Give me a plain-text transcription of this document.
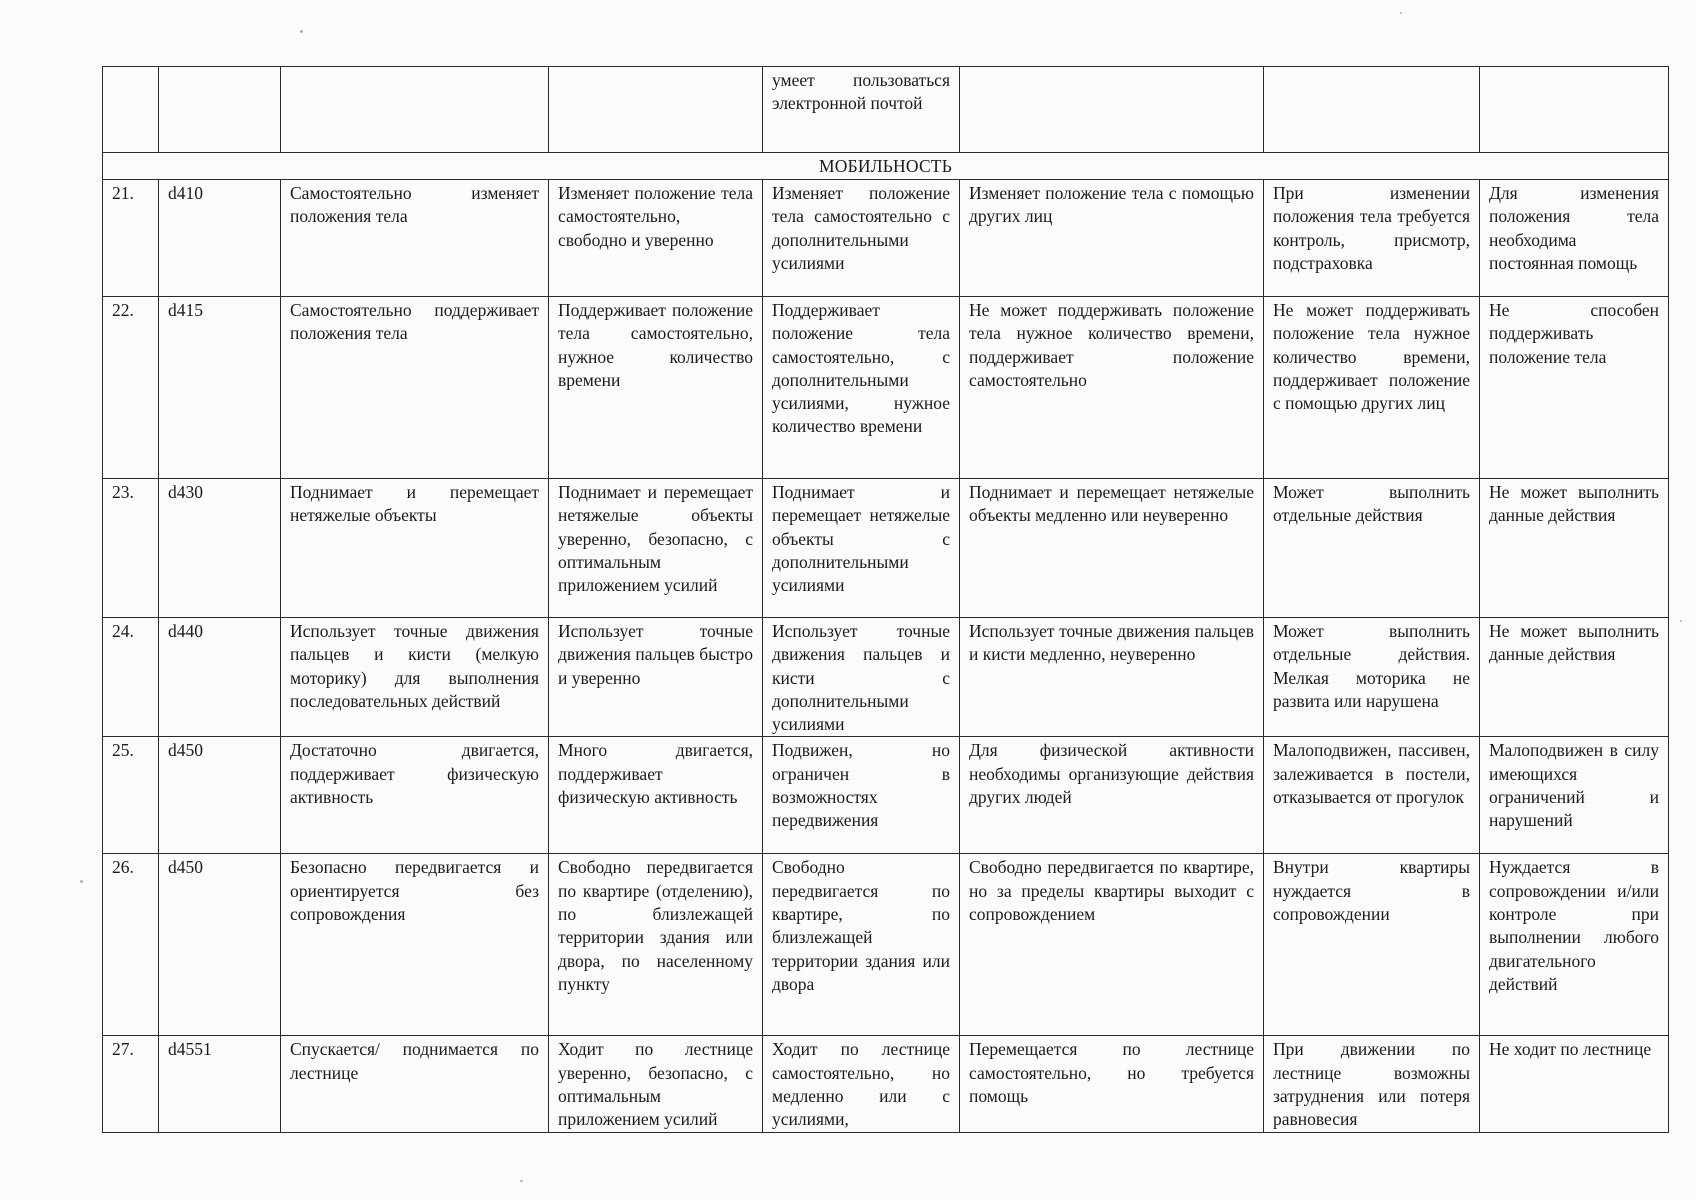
				умеет пользоваться электронной почтой			
МОБИЛЬНОСТЬ							
21.	d410	Самостоятельно изменяет положения тела	Изменяет положение тела самостоятельно, свободно и уверенно	Изменяет положение тела самостоятельно с дополнительными усилиями	Изменяет положение тела с помощью других лиц	При изменении положения тела требуется контроль, присмотр, подстраховка	Для изменения положения тела необходима постоянная помощь
22.	d415	Самостоятельно поддерживает положения тела	Поддерживает положение тела самостоятельно, нужное количество времени	Поддерживает положение тела самостоятельно, с дополнительными усилиями, нужное количество времени	Не может поддерживать положение тела нужное количество времени, поддерживает положение самостоятельно	Не может поддерживать положение тела нужное количество времени, поддерживает положение с помощью других лиц	Не способен поддерживать положение тела
23.	d430	Поднимает и перемещает нетяжелые объекты	Поднимает и перемещает нетяжелые объекты уверенно, безопасно, с оптимальным приложением усилий	Поднимает и перемещает нетяжелые объекты с дополнительными усилиями	Поднимает и перемещает нетяжелые объекты медленно или неуверенно	Может выполнить отдельные действия	Не может выполнить данные действия
24.	d440	Использует точные движения пальцев и кисти (мелкую моторику) для выполнения последовательных действий	Использует точные движения пальцев быстро и уверенно	Использует точные движения пальцев и кисти с дополнительными усилиями	Использует точные движения пальцев и кисти медленно, неуверенно	Может выполнить отдельные действия. Мелкая моторика не развита или нарушена	Не может выполнить данные действия
25.	d450	Достаточно двигается, поддерживает физическую активность	Много двигается, поддерживает физическую активность	Подвижен, но ограничен в возможностях передвижения	Для физической активности необходимы организующие действия других людей	Малоподвижен, пассивен, залеживается в постели, отказывается от прогулок	Малоподвижен в силу имеющихся ограничений и нарушений
26.	d450	Безопасно передвигается и ориентируется без сопровождения	Свободно передвигается по квартире (отделению), по близлежащей территории здания или двора, по населенному пункту	Свободно передвигается по квартире, по близлежащей территории здания или двора	Свободно передвигается по квартире, но за пределы квартиры выходит с сопровождением	Внутри квартиры нуждается в сопровождении	Нуждается в сопровождении и/или контроле при выполнении любого двигательного действий
27.	d4551	Спускается/ поднимается по лестнице	Ходит по лестнице уверенно, безопасно, с оптимальным приложением усилий	Ходит по лестнице самостоятельно, но медленно или с усилиями,	Перемещается по лестнице самостоятельно, но требуется помощь	При движении по лестнице возможны затруднения или потеря равновесия	Не ходит по лестнице
